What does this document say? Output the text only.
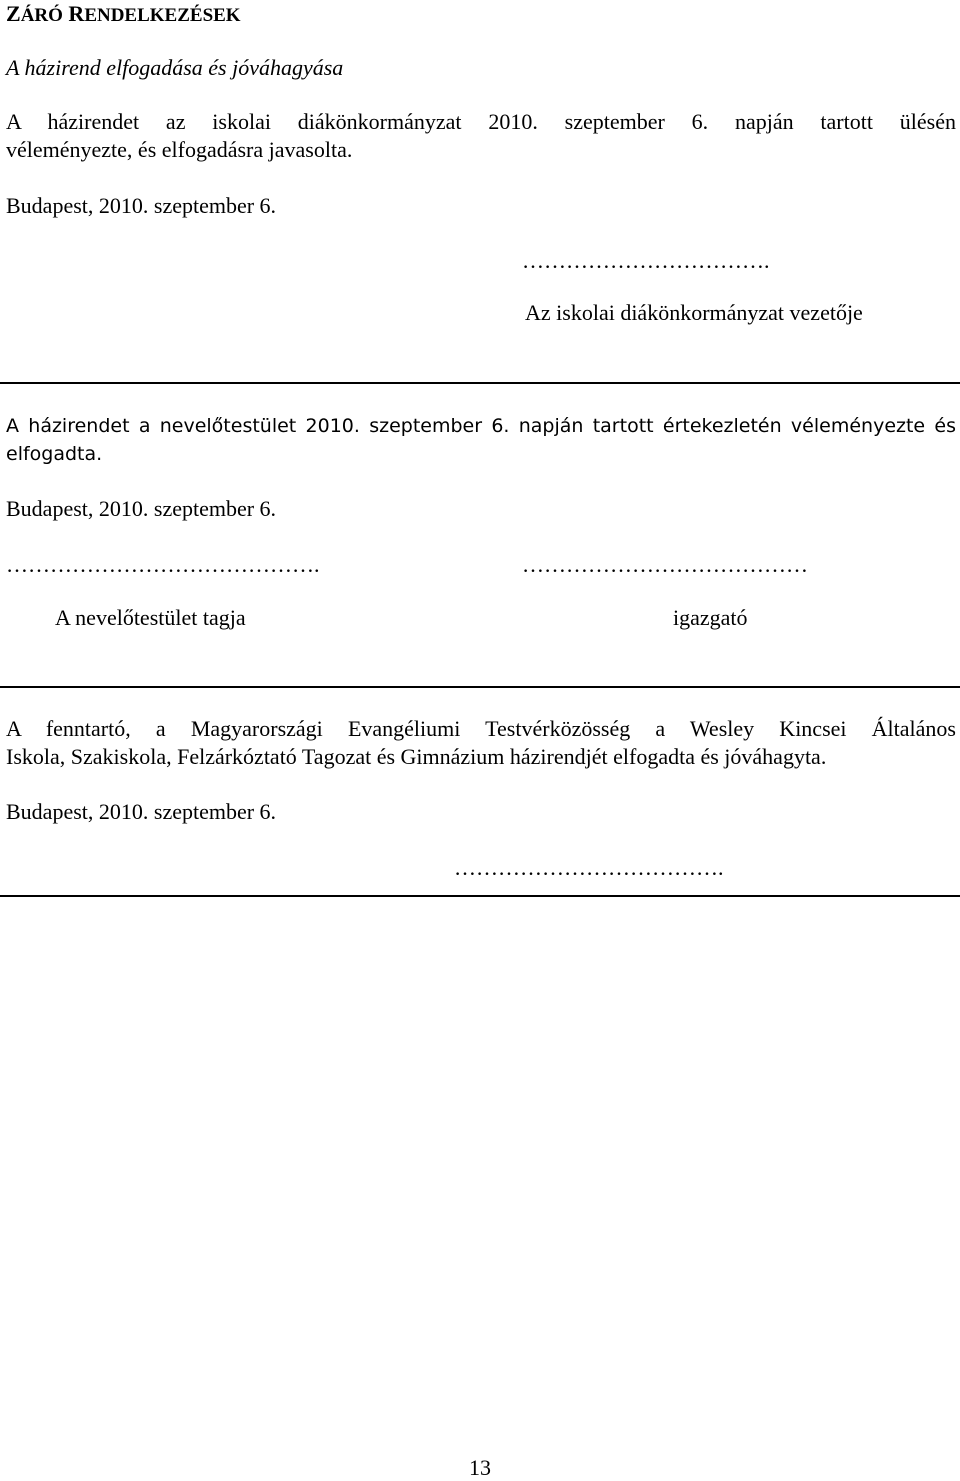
ZÁRÓ RENDELKEZÉSEK
A házirend elfogadása és jóváhagyása
A házirendet az iskolai diákönkormányzat 2010. szeptember 6. napján tartott ülésén
véleményezte, és elfogadásra javasolta.
Budapest, 2010. szeptember 6.
…………………………….
Az iskolai diákönkormányzat vezetője
A házirendet a nevelőtestület 2010. szeptember 6. napján tartott értekezletén véleményezte és
elfogadta.
Budapest, 2010. szeptember 6.
…………………………………….	…………………………………
A nevelőtestület tagja	igazgató
A fenntartó, a Magyarországi Evangéliumi Testvérközösség a Wesley Kincsei Általános
Iskola, Szakiskola, Felzárkóztató Tagozat és Gimnázium házirendjét elfogadta és jóváhagyta.
Budapest, 2010. szeptember 6.
……………………………….
13
